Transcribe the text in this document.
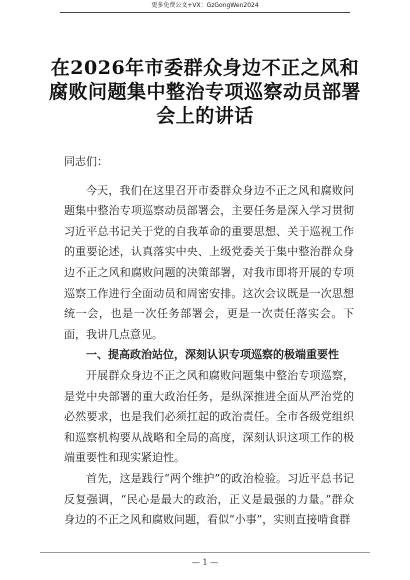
更多免费公文+VX：GzGongWen2024
在2026年市委群众身边不正之风和腐败问题集中整治专项巡察动员部署会上的讲话

同志们：

今天，我们在这里召开市委群众身边不正之风和腐败问题集中整治专项巡察动员部署会，主要任务是深入学习贯彻习近平总书记关于党的自我革命的重要思想、关于巡视工作的重要论述，认真落实中央、上级党委关于集中整治群众身边不正之风和腐败问题的决策部署，对我市即将开展的专项巡察工作进行全面动员和周密安排。这次会议既是一次思想统一会，也是一次任务部署会，更是一次责任落实会。下面，我讲几点意见。

一、提高政治站位，深刻认识专项巡察的极端重要性

开展群众身边不正之风和腐败问题集中整治专项巡察，是党中央部署的重大政治任务，是纵深推进全面从严治党的必然要求，也是我们必须扛起的政治责任。全市各级党组织和巡察机构要从战略和全局的高度，深刻认识这项工作的极端重要性和现实紧迫性。

首先，这是践行“两个维护”的政治检验。习近平总书记反复强调，“民心是最大的政治，正义是最强的力量。”群众身边的不正之风和腐败问题，看似“小事”，实则直接啃食群

— 1 —
